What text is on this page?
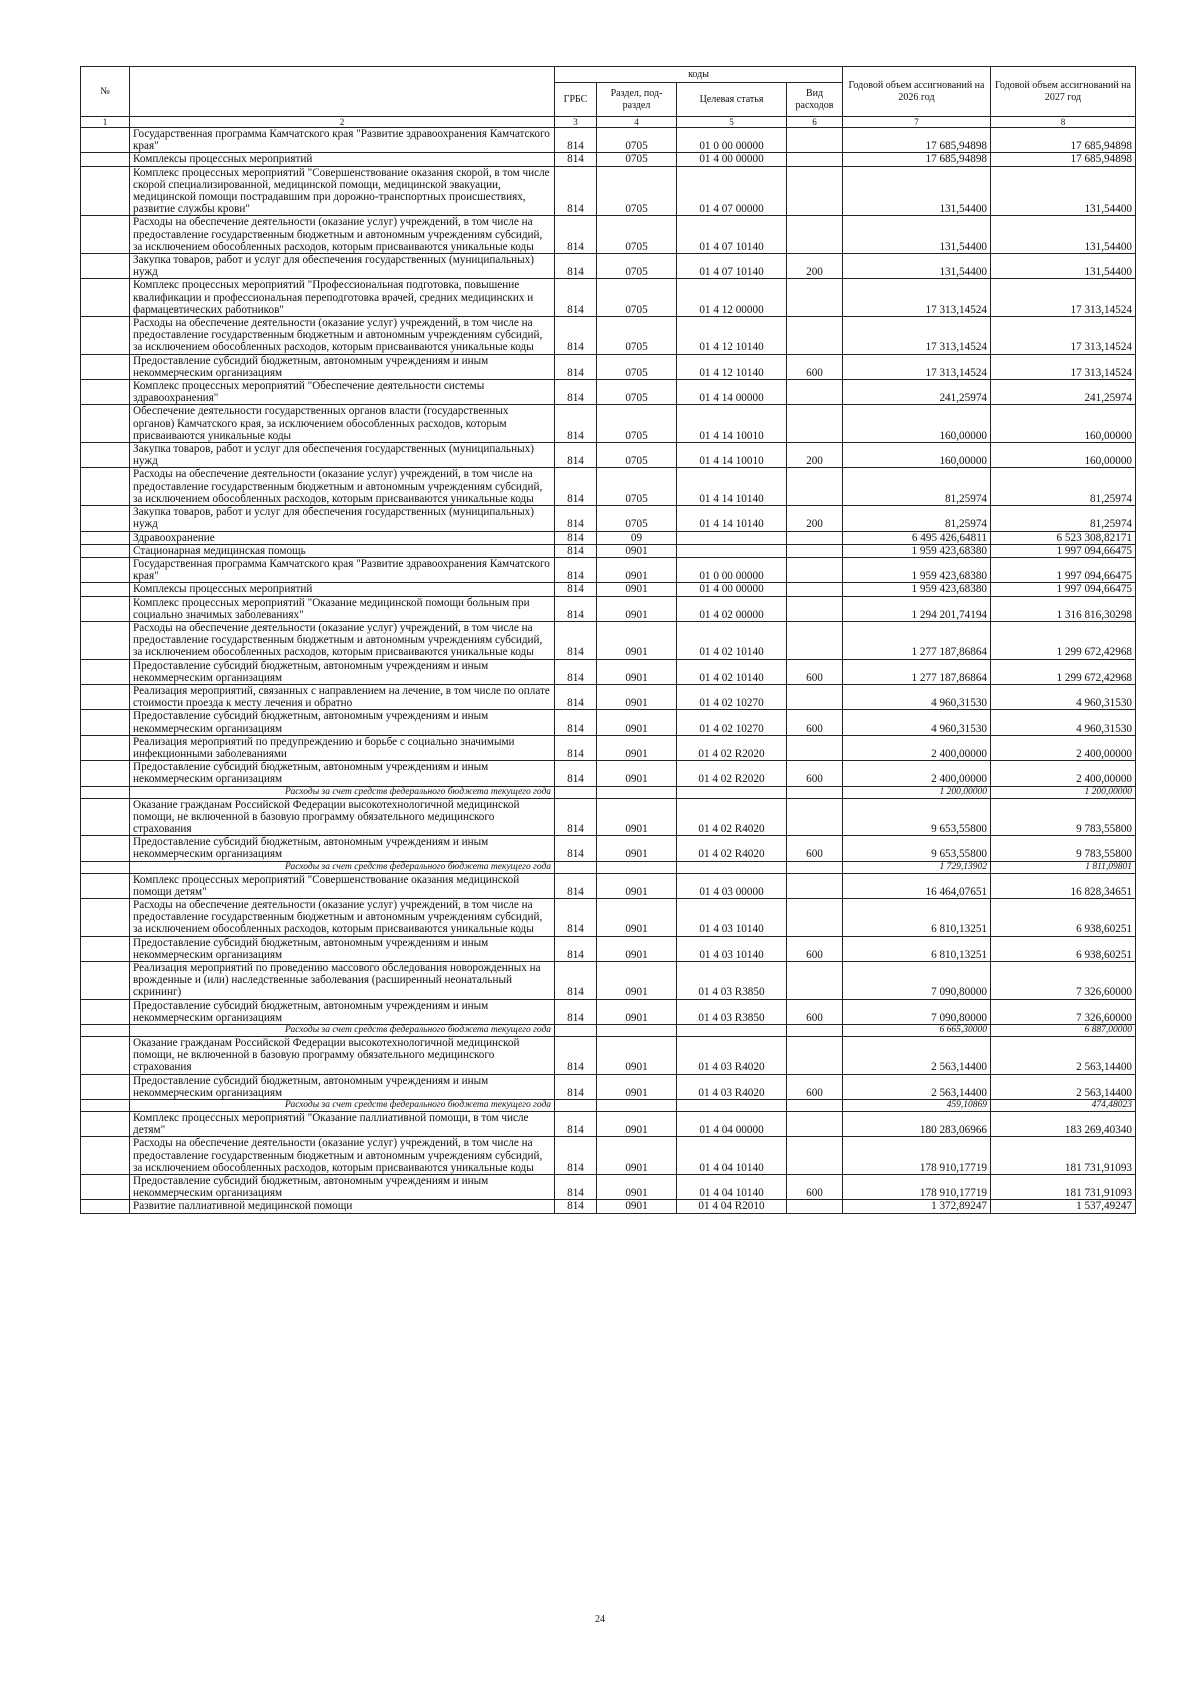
№		коды				Годовой объем ассигнований на 2026 год	Годовой объем ассигнований на 2027 год
		ГРБС	Раздел, под-раздел	Целевая статья	Вид расходов		
1	2	3	4	5	6	7	8
	Государственная программа Камчатского края "Развитие здравоохранения Камчатского края"	814	0705	01 0 00 00000		17 685,94898	17 685,94898
	Комплексы процессных мероприятий	814	0705	01 4 00 00000		17 685,94898	17 685,94898
	Комплекс процессных мероприятий "Совершенствование оказания скорой, в том числе скорой специализированной, медицинской помощи, медицинской эвакуации, медицинской помощи пострадавшим при дорожно-транспортных происшествиях, развитие службы крови"	814	0705	01 4 07 00000		131,54400	131,54400
	Расходы на обеспечение деятельности (оказание услуг) учреждений, в том числе на предоставление государственным бюджетным и автономным учреждениям субсидий, за исключением обособленных расходов, которым присваиваются уникальные коды	814	0705	01 4 07 10140		131,54400	131,54400
	Закупка товаров, работ и услуг для обеспечения государственных (муниципальных) нужд	814	0705	01 4 07 10140	200	131,54400	131,54400
	Комплекс процессных мероприятий "Профессиональная подготовка, повышение квалификации и профессиональная переподготовка врачей, средних медицинских и фармацевтических работников"	814	0705	01 4 12 00000		17 313,14524	17 313,14524
	Расходы на обеспечение деятельности (оказание услуг) учреждений, в том числе на предоставление государственным бюджетным и автономным учреждениям субсидий, за исключением обособленных расходов, которым присваиваются уникальные коды	814	0705	01 4 12 10140		17 313,14524	17 313,14524
	Предоставление субсидий бюджетным, автономным учреждениям и иным некоммерческим организациям	814	0705	01 4 12 10140	600	17 313,14524	17 313,14524
	Комплекс процессных мероприятий "Обеспечение деятельности системы здравоохранения"	814	0705	01 4 14 00000		241,25974	241,25974
	Обеспечение деятельности государственных органов власти (государственных органов) Камчатского края, за исключением обособленных расходов, которым присваиваются уникальные коды	814	0705	01 4 14 10010		160,00000	160,00000
	Закупка товаров, работ и услуг для обеспечения государственных (муниципальных) нужд	814	0705	01 4 14 10010	200	160,00000	160,00000
	Расходы на обеспечение деятельности (оказание услуг) учреждений, в том числе на предоставление государственным бюджетным и автономным учреждениям субсидий, за исключением обособленных расходов, которым присваиваются уникальные коды	814	0705	01 4 14 10140		81,25974	81,25974
	Закупка товаров, работ и услуг для обеспечения государственных (муниципальных) нужд	814	0705	01 4 14 10140	200	81,25974	81,25974
	Здравоохранение	814	09			6 495 426,64811	6 523 308,82171
	Стационарная медицинская помощь	814	0901			1 959 423,68380	1 997 094,66475
	Государственная программа Камчатского края "Развитие здравоохранения Камчатского края"	814	0901	01 0 00 00000		1 959 423,68380	1 997 094,66475
	Комплексы процессных мероприятий	814	0901	01 4 00 00000		1 959 423,68380	1 997 094,66475
	Комплекс процессных мероприятий "Оказание медицинской помощи больным при социально значимых заболеваниях"	814	0901	01 4 02 00000		1 294 201,74194	1 316 816,30298
	Расходы на обеспечение деятельности (оказание услуг) учреждений, в том числе на предоставление государственным бюджетным и автономным учреждениям субсидий, за исключением обособленных расходов, которым присваиваются уникальные коды	814	0901	01 4 02 10140		1 277 187,86864	1 299 672,42968
	Предоставление субсидий бюджетным, автономным учреждениям и иным некоммерческим организациям	814	0901	01 4 02 10140	600	1 277 187,86864	1 299 672,42968
	Реализация мероприятий, связанных с направлением на лечение, в том числе по оплате стоимости проезда к месту лечения и обратно	814	0901	01 4 02 10270		4 960,31530	4 960,31530
	Предоставление субсидий бюджетным, автономным учреждениям и иным некоммерческим организациям	814	0901	01 4 02 10270	600	4 960,31530	4 960,31530
	Реализация мероприятий по предупреждению и борьбе с социально значимыми инфекционными заболеваниями	814	0901	01 4 02 R2020		2 400,00000	2 400,00000
	Предоставление субсидий бюджетным, автономным учреждениям и иным некоммерческим организациям	814	0901	01 4 02 R2020	600	2 400,00000	2 400,00000
	Расходы за счет средств федерального бюджета текущего года					1 200,00000	1 200,00000
	Оказание гражданам Российской Федерации высокотехнологичной медицинской помощи, не включенной в базовую программу обязательного медицинского страхования	814	0901	01 4 02 R4020		9 653,55800	9 783,55800
	Предоставление субсидий бюджетным, автономным учреждениям и иным некоммерческим организациям	814	0901	01 4 02 R4020	600	9 653,55800	9 783,55800
	Расходы за счет средств федерального бюджета текущего года					1 729,13902	1 811,09801
	Комплекс процессных мероприятий "Совершенствование оказания медицинской помощи детям"	814	0901	01 4 03 00000		16 464,07651	16 828,34651
	Расходы на обеспечение деятельности (оказание услуг) учреждений, в том числе на предоставление государственным бюджетным и автономным учреждениям субсидий, за исключением обособленных расходов, которым присваиваются уникальные коды	814	0901	01 4 03 10140		6 810,13251	6 938,60251
	Предоставление субсидий бюджетным, автономным учреждениям и иным некоммерческим организациям	814	0901	01 4 03 10140	600	6 810,13251	6 938,60251
	Реализация мероприятий по проведению массового обследования новорожденных на врожденные и (или) наследственные заболевания (расширенный неонатальный скрининг)	814	0901	01 4 03 R3850		7 090,80000	7 326,60000
	Предоставление субсидий бюджетным, автономным учреждениям и иным некоммерческим организациям	814	0901	01 4 03 R3850	600	7 090,80000	7 326,60000
	Расходы за счет средств федерального бюджета текущего года					6 665,30000	6 887,00000
	Оказание гражданам Российской Федерации высокотехнологичной медицинской помощи, не включенной в базовую программу обязательного медицинского страхования	814	0901	01 4 03 R4020		2 563,14400	2 563,14400
	Предоставление субсидий бюджетным, автономным учреждениям и иным некоммерческим организациям	814	0901	01 4 03 R4020	600	2 563,14400	2 563,14400
	Расходы за счет средств федерального бюджета текущего года					459,10869	474,48023
	Комплекс процессных мероприятий "Оказание паллиативной помощи, в том числе детям"	814	0901	01 4 04 00000		180 283,06966	183 269,40340
	Расходы на обеспечение деятельности (оказание услуг) учреждений, в том числе на предоставление государственным бюджетным и автономным учреждениям субсидий, за исключением обособленных расходов, которым присваиваются уникальные коды	814	0901	01 4 04 10140		178 910,17719	181 731,91093
	Предоставление субсидий бюджетным, автономным учреждениям и иным некоммерческим организациям	814	0901	01 4 04 10140	600	178 910,17719	181 731,91093
	Развитие паллиативной медицинской помощи	814	0901	01 4 04 R2010		1 372,89247	1 537,49247
24
